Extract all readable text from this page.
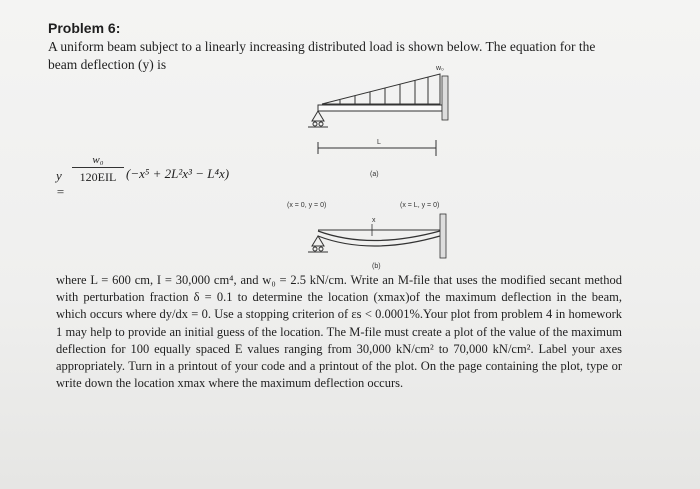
Problem 6:
A uniform beam subject to a linearly increasing distributed load is shown below. The equation for the beam deflection (y) is
y =
w₀
120EIL (−x⁵ + 2L²x³ − L⁴x)
w₀
L
(a)
(x = 0, y = 0)	(x = L, y = 0)
x
(b)
where L = 600 cm, I = 30,000 cm⁴, and w₀ = 2.5 kN/cm. Write an M-file that uses the modified secant method with perturbation fraction δ = 0.1 to determine the location (xmax)of the maximum deflection in the beam, which occurs where dy/dx = 0. Use a stopping criterion of εs < 0.0001%.Your plot from problem 4 in homework 1 may help to provide an initial guess of the location. The M-file must create a plot of the value of the maximum deflection for 100 equally spaced E values ranging from 30,000 kN/cm² to 70,000 kN/cm². Label your axes appropriately. Turn in a printout of your code and a printout of the plot. On the page containing the plot, type or write down the location xmax where the maximum deflection occurs.
